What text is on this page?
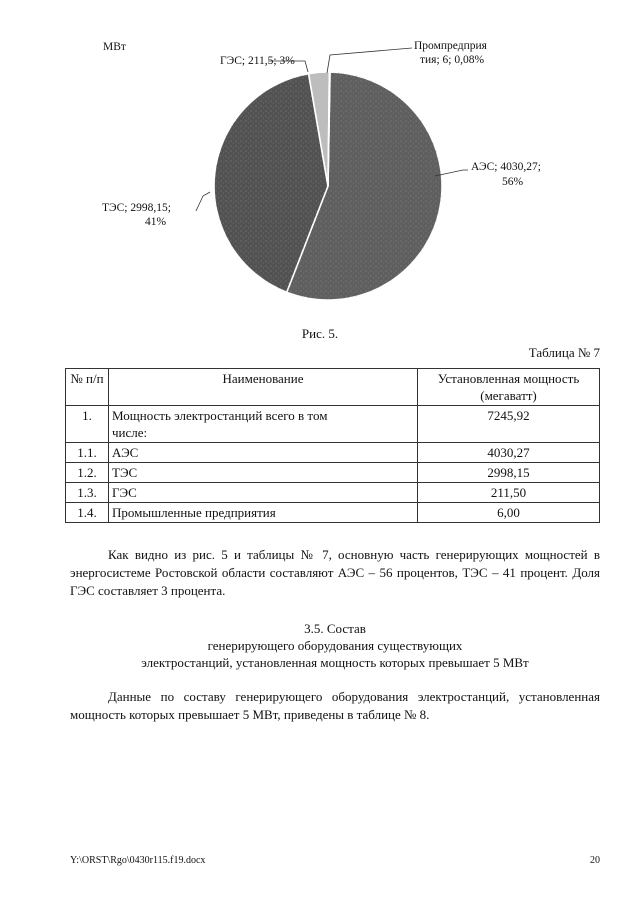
МВт
ГЭС; 211,5; 3%
Промпредприя
тия; 6; 0,08%
АЭС; 4030,27;
56%
ТЭС; 2998,15;
41%
Рис. 5.
Таблица № 7
№ п/п	Наименование	Установленная мощность (мегаватт)
1.	Мощность электростанций всего в том числе:	7245,92
1.1.	АЭС	4030,27
1.2.	ТЭС	2998,15
1.3.	ГЭС	211,50
1.4.	Промышленные предприятия	6,00

Как видно из рис. 5 и таблицы № 7, основную часть генерирующих мощностей в энергосистеме Ростовской области составляют АЭС – 56 процентов, ТЭС – 41 процент. Доля ГЭС составляет 3 процента.

3.5. Состав
генерирующего оборудования существующих
электростанций, установленная мощность которых превышает 5 МВт

Данные по составу генерирующего оборудования электростанций, установленная мощность которых превышает 5 МВт, приведены в таблице № 8.

Y:\ORST\Rgo\0430r115.f19.docx	20
